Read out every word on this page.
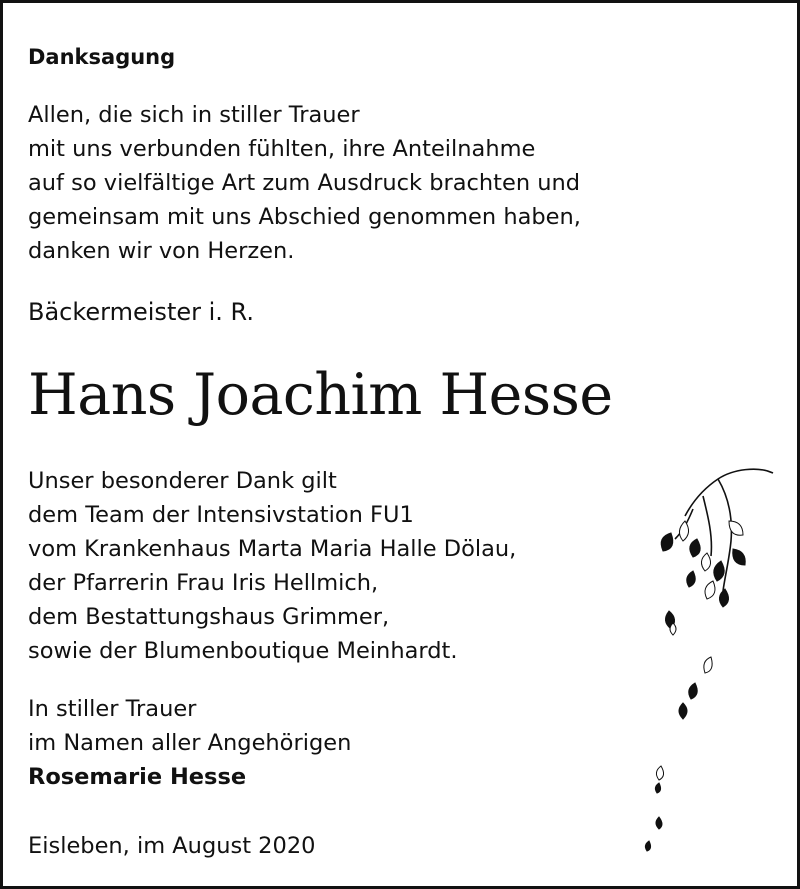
Danksagung
Allen, die sich in stiller Trauer
mit uns verbunden fühlten, ihre Anteilnahme
auf so vielfältige Art zum Ausdruck brachten und
gemeinsam mit uns Abschied genommen haben,
danken wir von Herzen.
Bäckermeister i. R.
Hans Joachim Hesse
Unser besonderer Dank gilt
dem Team der Intensivstation FU1
vom Krankenhaus Marta Maria Halle Dölau,
der Pfarrerin Frau Iris Hellmich,
dem Bestattungshaus Grimmer,
sowie der Blumenboutique Meinhardt.
In stiller Trauer
im Namen aller Angehörigen
Rosemarie Hesse
Eisleben, im August 2020
